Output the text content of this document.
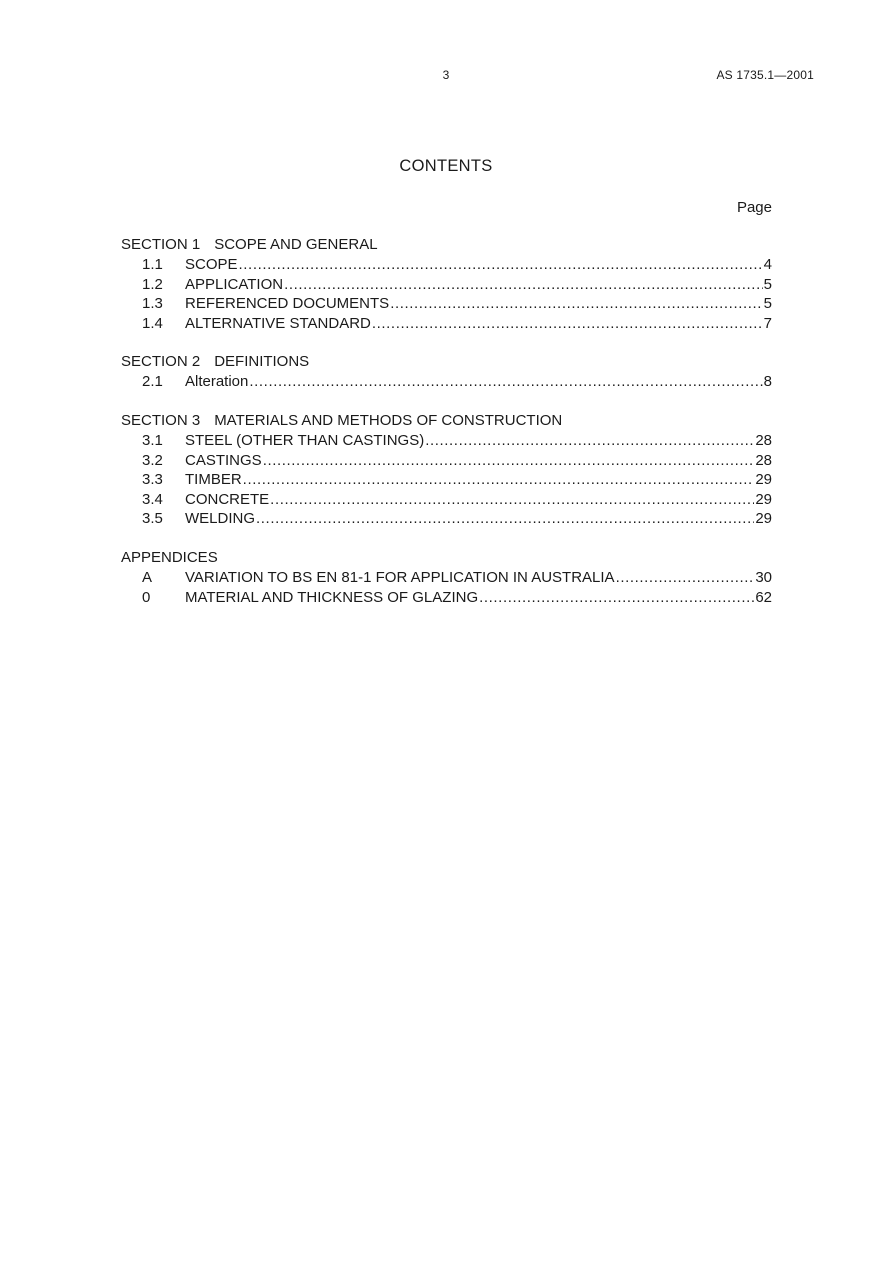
3	AS 1735.1—2001
CONTENTS
Page
SECTION 1 SCOPE AND GENERAL
1.1	SCOPE .....	4
1.2	APPLICATION .....	5
1.3	REFERENCED DOCUMENTS .....	5
1.4	ALTERNATIVE STANDARD .....	7
SECTION 2 DEFINITIONS
2.1	Alteration .....	8
SECTION 3 MATERIALS AND METHODS OF CONSTRUCTION
3.1	STEEL (OTHER THAN CASTINGS) .....	28
3.2	CASTINGS .....	28
3.3	TIMBER .....	29
3.4	CONCRETE .....	29
3.5	WELDING .....	29
APPENDICES
A	VARIATION TO BS EN 81-1 FOR APPLICATION IN AUSTRALIA .....	30
0	MATERIAL AND THICKNESS OF GLAZING .....	62
